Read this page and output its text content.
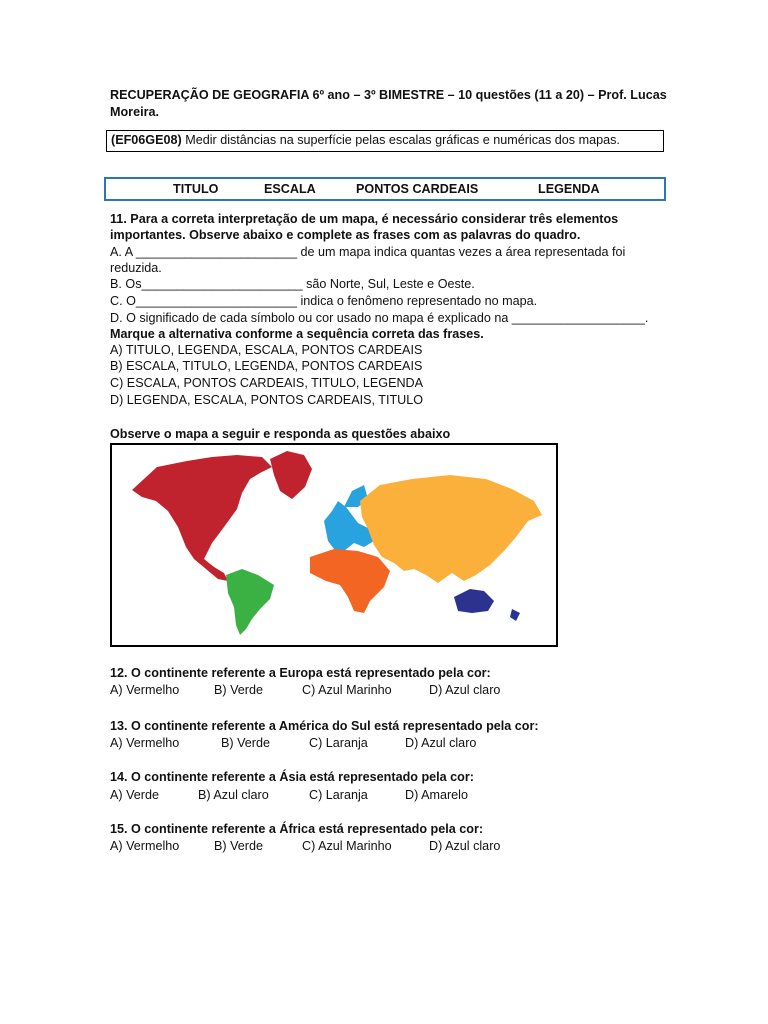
RECUPERAÇÃO DE GEOGRAFIA 6º ano – 3º BIMESTRE – 10 questões (11 a 20) – Prof. Lucas
Moreira.
(EF06GE08) Medir distâncias na superfície pelas escalas gráficas e numéricas dos mapas.
TITULO	ESCALA	PONTOS CARDEAIS	LEGENDA
11. Para a correta interpretação de um mapa, é necessário considerar três elementos
importantes. Observe abaixo e complete as frases com as palavras do quadro.
A. A _______________________ de um mapa indica quantas vezes a área representada foi
reduzida.
B. Os_______________________ são Norte, Sul, Leste e Oeste.
C. O_______________________ indica o fenômeno representado no mapa.
D. O significado de cada símbolo ou cor usado no mapa é explicado na ___________________.
Marque a alternativa conforme a sequência correta das frases.
A) TITULO, LEGENDA, ESCALA, PONTOS CARDEAIS
B) ESCALA, TITULO, LEGENDA, PONTOS CARDEAIS
C) ESCALA, PONTOS CARDEAIS, TITULO, LEGENDA
D) LEGENDA, ESCALA, PONTOS CARDEAIS, TITULO
Observe o mapa a seguir e responda as questões abaixo
12. O continente referente a Europa está representado pela cor:
A) Vermelho	B) Verde	C) Azul Marinho	D) Azul claro
13. O continente referente a América do Sul está representado pela cor:
A) Vermelho	B) Verde	C) Laranja	D) Azul claro
14. O continente referente a Ásia está representado pela cor:
A) Verde	B) Azul claro	C) Laranja	D) Amarelo
15. O continente referente a África está representado pela cor:
A) Vermelho	B) Verde	C) Azul Marinho	D) Azul claro
